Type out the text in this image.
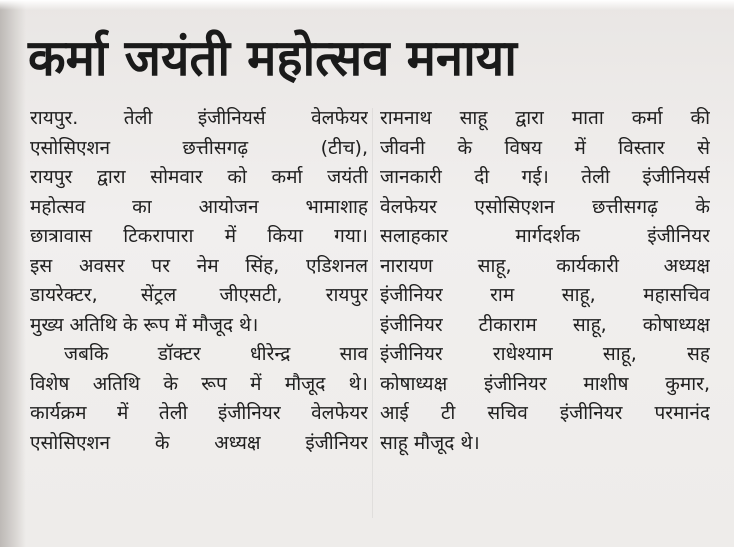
कर्मा जयंती महोत्सव मनाया
रायपुर. तेली इंजीनियर्स वेलफेयर
एसोसिएशन छत्तीसगढ़ (टीच),
रायपुर द्वारा सोमवार को कर्मा जयंती
महोत्सव का आयोजन भामाशाह
छात्रावास टिकरापारा में किया गया।
इस अवसर पर नेम सिंह, एडिशनल
डायरेक्टर, सेंट्रल जीएसटी, रायपुर
मुख्य अतिथि के रूप में मौजूद थे।
जबकि डॉक्टर धीरेन्द्र साव
विशेष अतिथि के रूप में मौजूद थे।
कार्यक्रम में तेली इंजीनियर वेलफेयर
एसोसिएशन के अध्यक्ष इंजीनियर
रामनाथ साहू द्वारा माता कर्मा की
जीवनी के विषय में विस्तार से
जानकारी दी गई। तेली इंजीनियर्स
वेलफेयर एसोसिएशन छत्तीसगढ़ के
सलाहकार मार्गदर्शक इंजीनियर
नारायण साहू, कार्यकारी अध्यक्ष
इंजीनियर राम साहू, महासचिव
इंजीनियर टीकाराम साहू, कोषाध्यक्ष
इंजीनियर राधेश्याम साहू, सह
कोषाध्यक्ष इंजीनियर माशीष कुमार,
आई टी सचिव इंजीनियर परमानंद
साहू मौजूद थे।
